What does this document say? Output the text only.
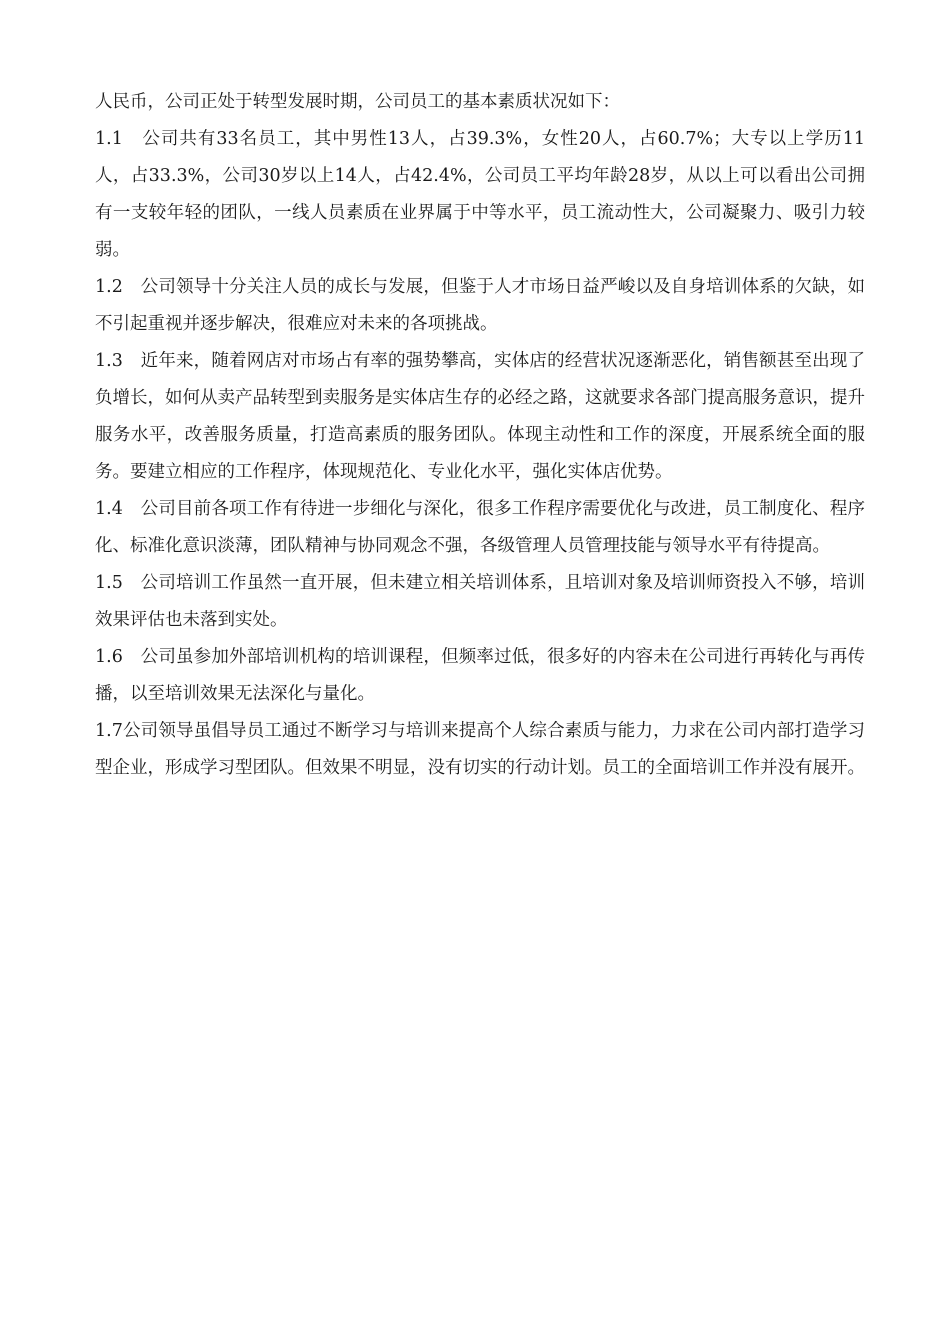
人民币，公司正处于转型发展时期，公司员工的基本素质状况如下：

1.1　公司共有33名员工，其中男性13人，占39.3%，女性20人，占60.7%；大专以上学历11人，占33.3%，公司30岁以上14人，占42.4%，公司员工平均年龄28岁，从以上可以看出公司拥有一支较年轻的团队，一线人员素质在业界属于中等水平，员工流动性大，公司凝聚力、吸引力较弱。

1.2　公司领导十分关注人员的成长与发展，但鉴于人才市场日益严峻以及自身培训体系的欠缺，如不引起重视并逐步解决，很难应对未来的各项挑战。

1.3　近年来，随着网店对市场占有率的强势攀高，实体店的经营状况逐渐恶化，销售额甚至出现了负增长，如何从卖产品转型到卖服务是实体店生存的必经之路，这就要求各部门提高服务意识，提升服务水平，改善服务质量，打造高素质的服务团队。体现主动性和工作的深度，开展系统全面的服务。要建立相应的工作程序，体现规范化、专业化水平，强化实体店优势。

1.4　公司目前各项工作有待进一步细化与深化，很多工作程序需要优化与改进，员工制度化、程序化、标准化意识淡薄，团队精神与协同观念不强，各级管理人员管理技能与领导水平有待提高。

1.5　公司培训工作虽然一直开展，但未建立相关培训体系，且培训对象及培训师资投入不够，培训效果评估也未落到实处。

1.6　公司虽参加外部培训机构的培训课程，但频率过低，很多好的内容未在公司进行再转化与再传播，以至培训效果无法深化与量化。

1.7公司领导虽倡导员工通过不断学习与培训来提高个人综合素质与能力，力求在公司内部打造学习型企业，形成学习型团队。但效果不明显，没有切实的行动计划。员工的全面培训工作并没有展开。
